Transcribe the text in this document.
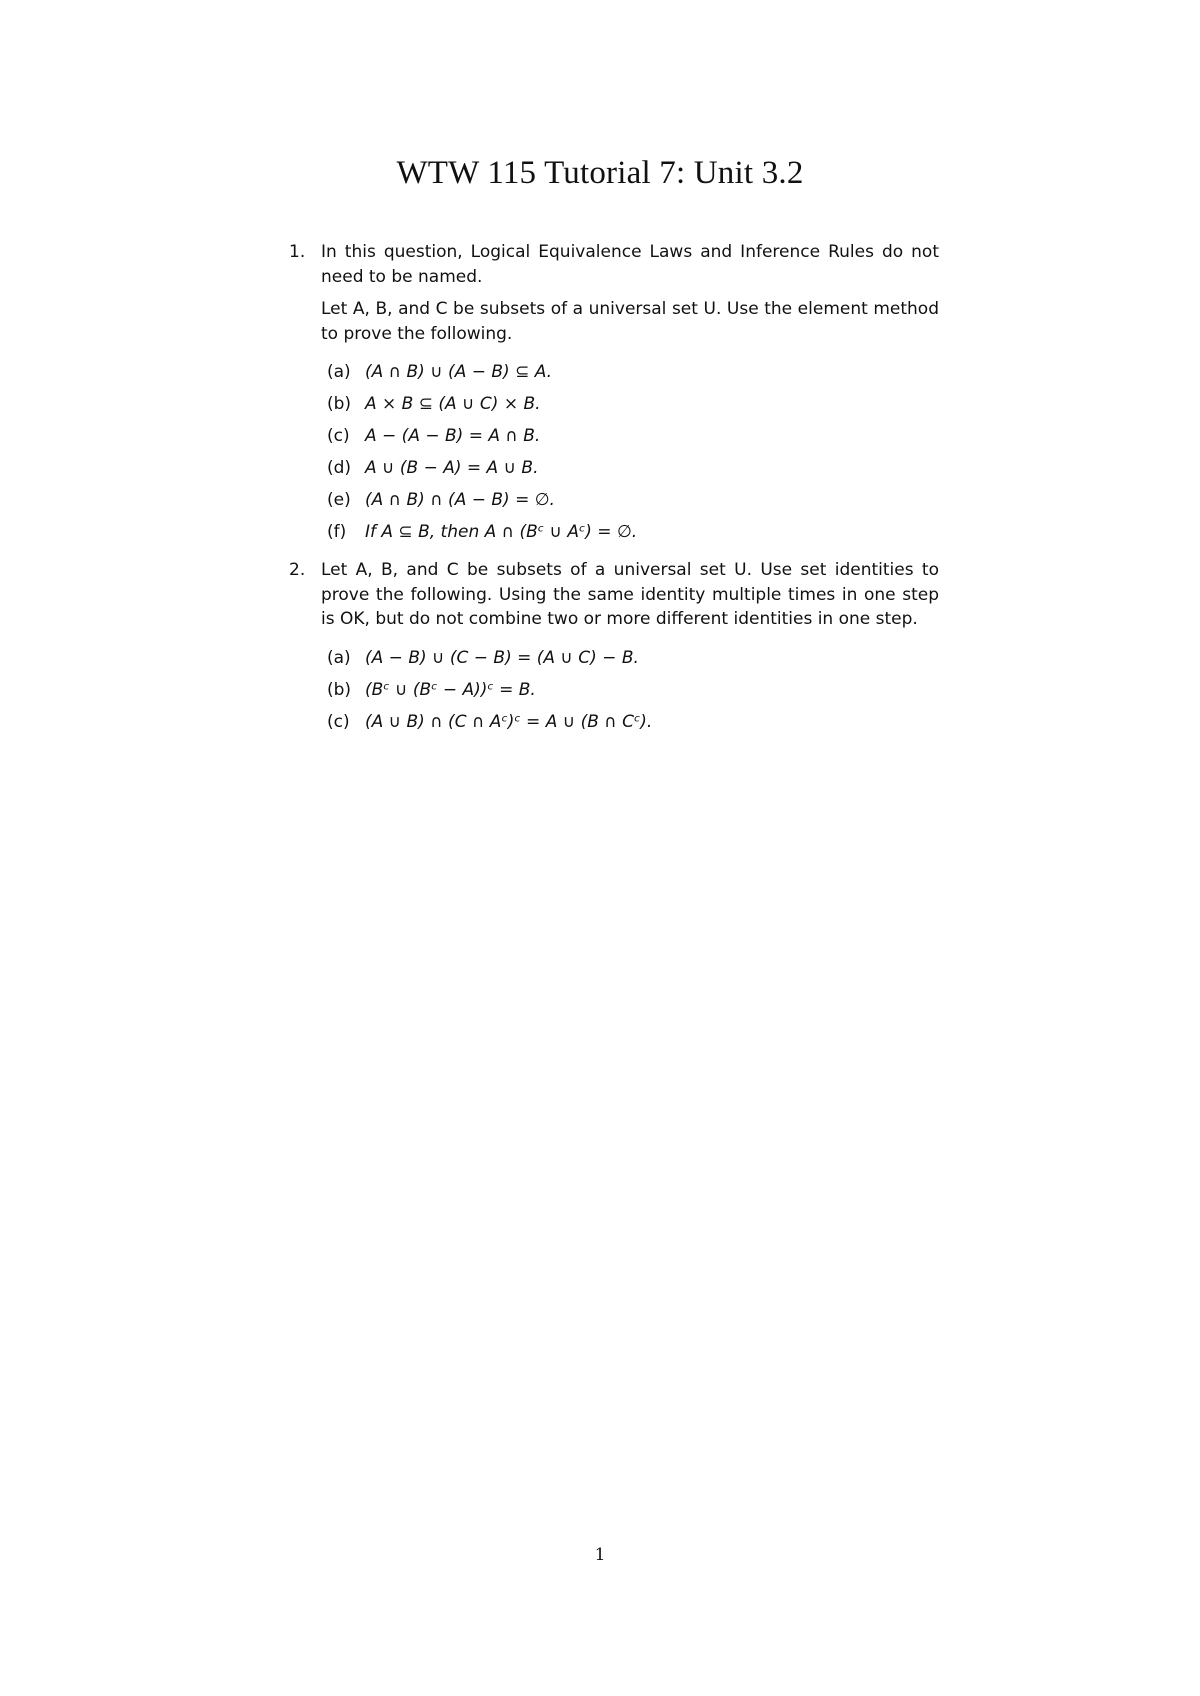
WTW 115 Tutorial 7: Unit 3.2
1. In this question, Logical Equivalence Laws and Inference Rules do not need to be named.

Let A, B, and C be subsets of a universal set U. Use the element method to prove the following.

(a) (A ∩ B) ∪ (A − B) ⊆ A.
(b) A × B ⊆ (A ∪ C) × B.
(c) A − (A − B) = A ∩ B.
(d) A ∪ (B − A) = A ∪ B.
(e) (A ∩ B) ∩ (A − B) = ∅.
(f) If A ⊆ B, then A ∩ (Bᶜ ∪ Aᶜ) = ∅.
2. Let A, B, and C be subsets of a universal set U. Use set identities to prove the following. Using the same identity multiple times in one step is OK, but do not combine two or more different identities in one step.

(a) (A − B) ∪ (C − B) = (A ∪ C) − B.
(b) (Bᶜ ∪ (Bᶜ − A))ᶜ = B.
(c) (A ∪ B) ∩ (C ∩ Aᶜ)ᶜ = A ∪ (B ∩ Cᶜ).
1
